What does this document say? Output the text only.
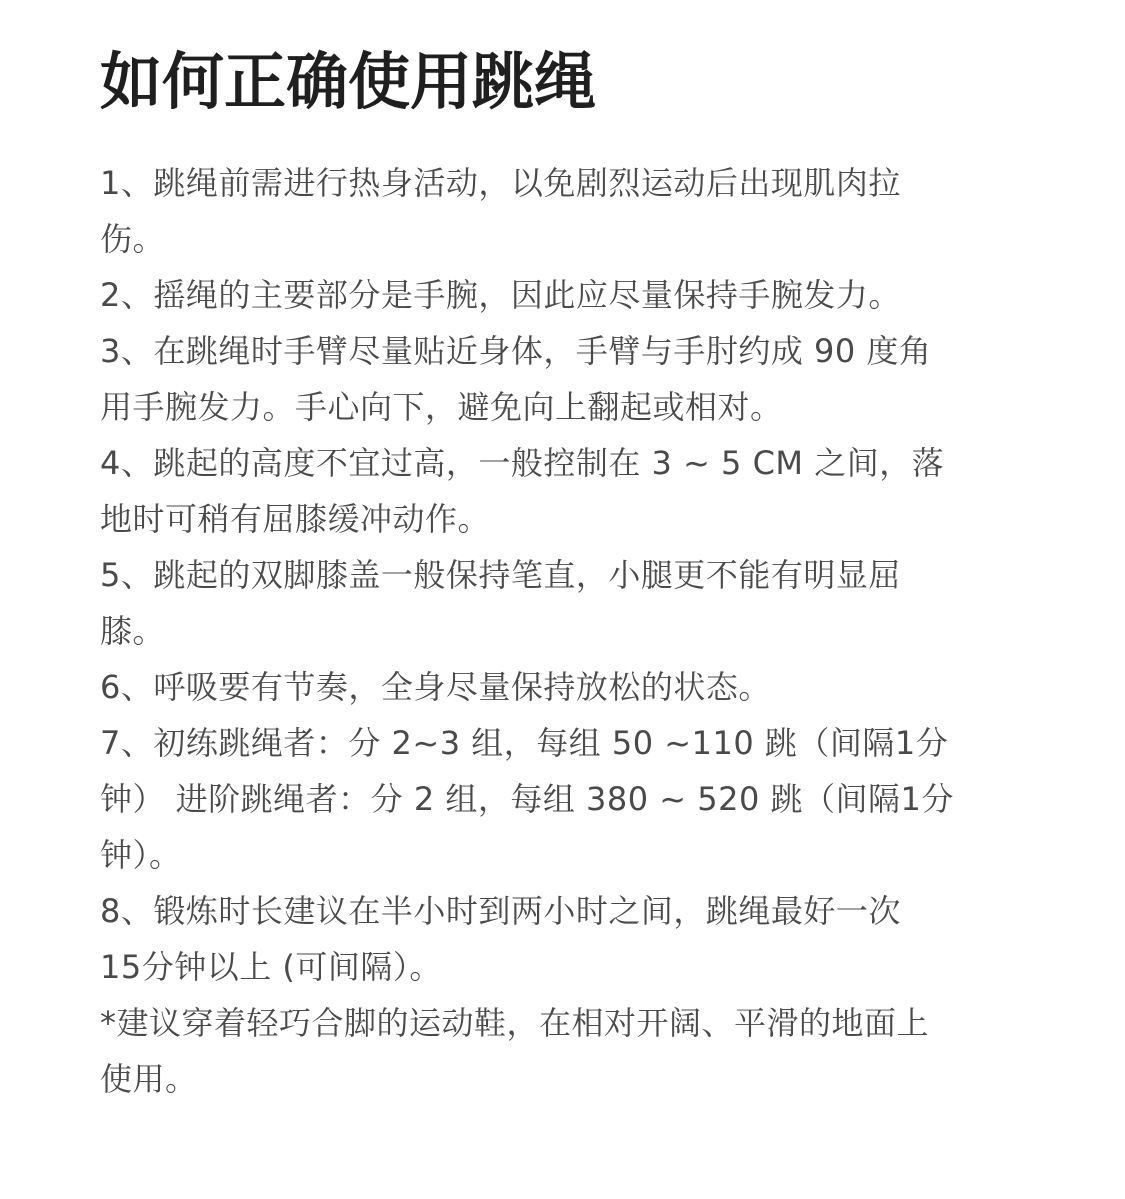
如何正确使用跳绳

1、跳绳前需进行热身活动，以免剧烈运动后出现肌肉拉
伤。

2、摇绳的主要部分是手腕，因此应尽量保持手腕发力。

3、在跳绳时手臂尽量贴近身体，手臂与手肘约成 90 度角
用手腕发力。手心向下，避免向上翻起或相对。

4、跳起的高度不宜过高，一般控制在 3 ~ 5 CM 之间，落
地时可稍有屈膝缓冲动作。

5、跳起的双脚膝盖一般保持笔直，小腿更不能有明显屈
膝。

6、呼吸要有节奏，全身尽量保持放松的状态。

7、初练跳绳者：分 2~3 组，每组 50 ~110 跳（间隔1分
钟） 进阶跳绳者：分 2 组，每组 380 ~ 520 跳（间隔1分
钟）。

8、锻炼时长建议在半小时到两小时之间，跳绳最好一次
15分钟以上 (可间隔）。

*建议穿着轻巧合脚的运动鞋，在相对开阔、平滑的地面上
使用。
